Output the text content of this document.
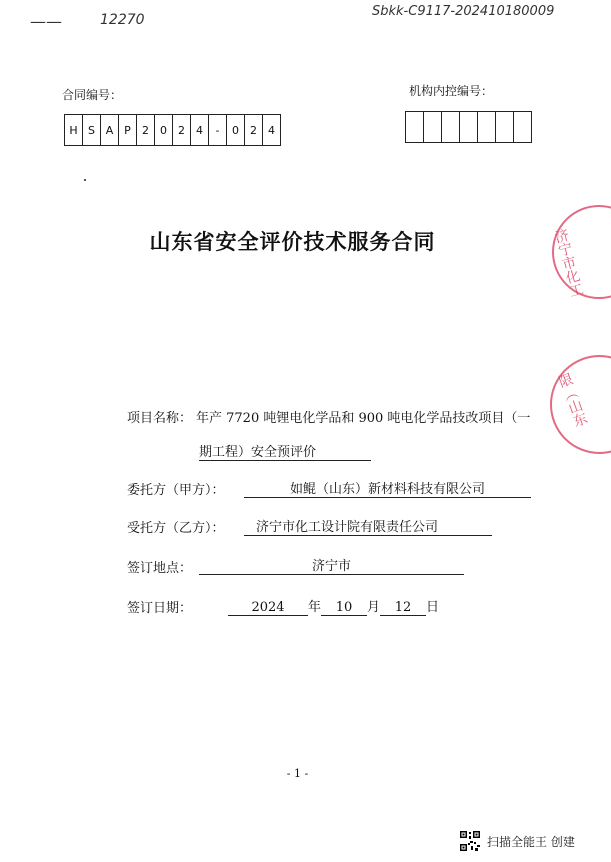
——	12270
Sbkk-C9117-202410180009
合同编号：
H S A P	2	0	2	4	-	0	2	4
机构内控编号：
山东省安全评价技术服务合同
项目名称： 年产 7720 吨锂电化学品和 900 吨电化学品技改项目（一
期工程）安全预评价
委托方（甲方）：	如鲲（山东）新材料科技有限公司
受托方（乙方）：	济宁市化工设计院有限责任公司
签订地点：	济宁市
签订日期：	2024	年	10	月	12	日
济宁市化工
限（山东
- 1 -
扫描全能王 创建
